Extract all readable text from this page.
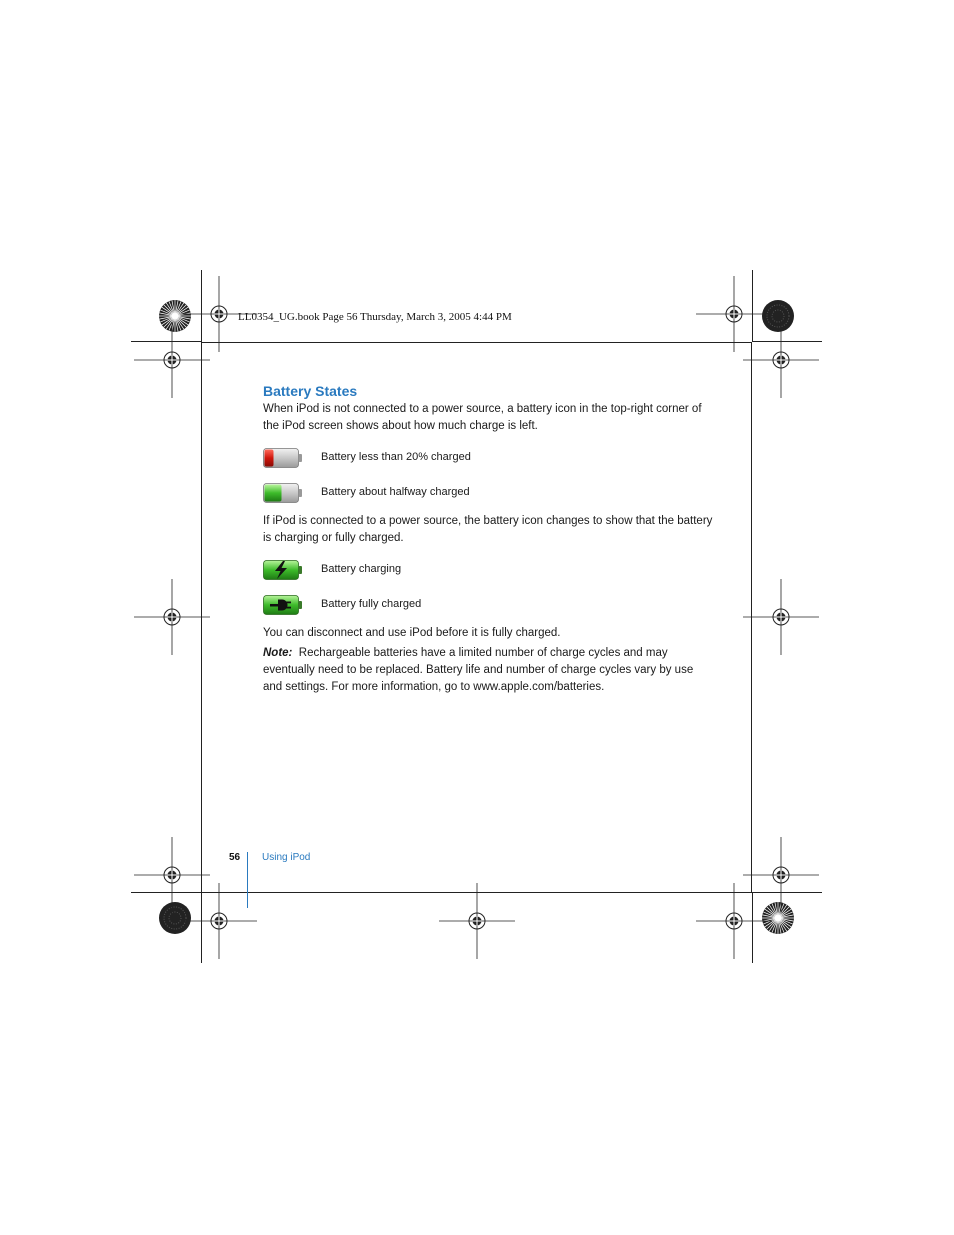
LL0354_UG.book Page 56 Thursday, March 3, 2005 4:44 PM
Battery States
When iPod is not connected to a power source, a battery icon in the top-right corner of the iPod screen shows about how much charge is left.
Battery less than 20% charged
Battery about halfway charged
If iPod is connected to a power source, the battery icon changes to show that the battery is charging or fully charged.
Battery charging
Battery fully charged
You can disconnect and use iPod before it is fully charged.
Note: Rechargeable batteries have a limited number of charge cycles and may eventually need to be replaced. Battery life and number of charge cycles vary by use and settings. For more information, go to www.apple.com/batteries.
56 Using iPod
